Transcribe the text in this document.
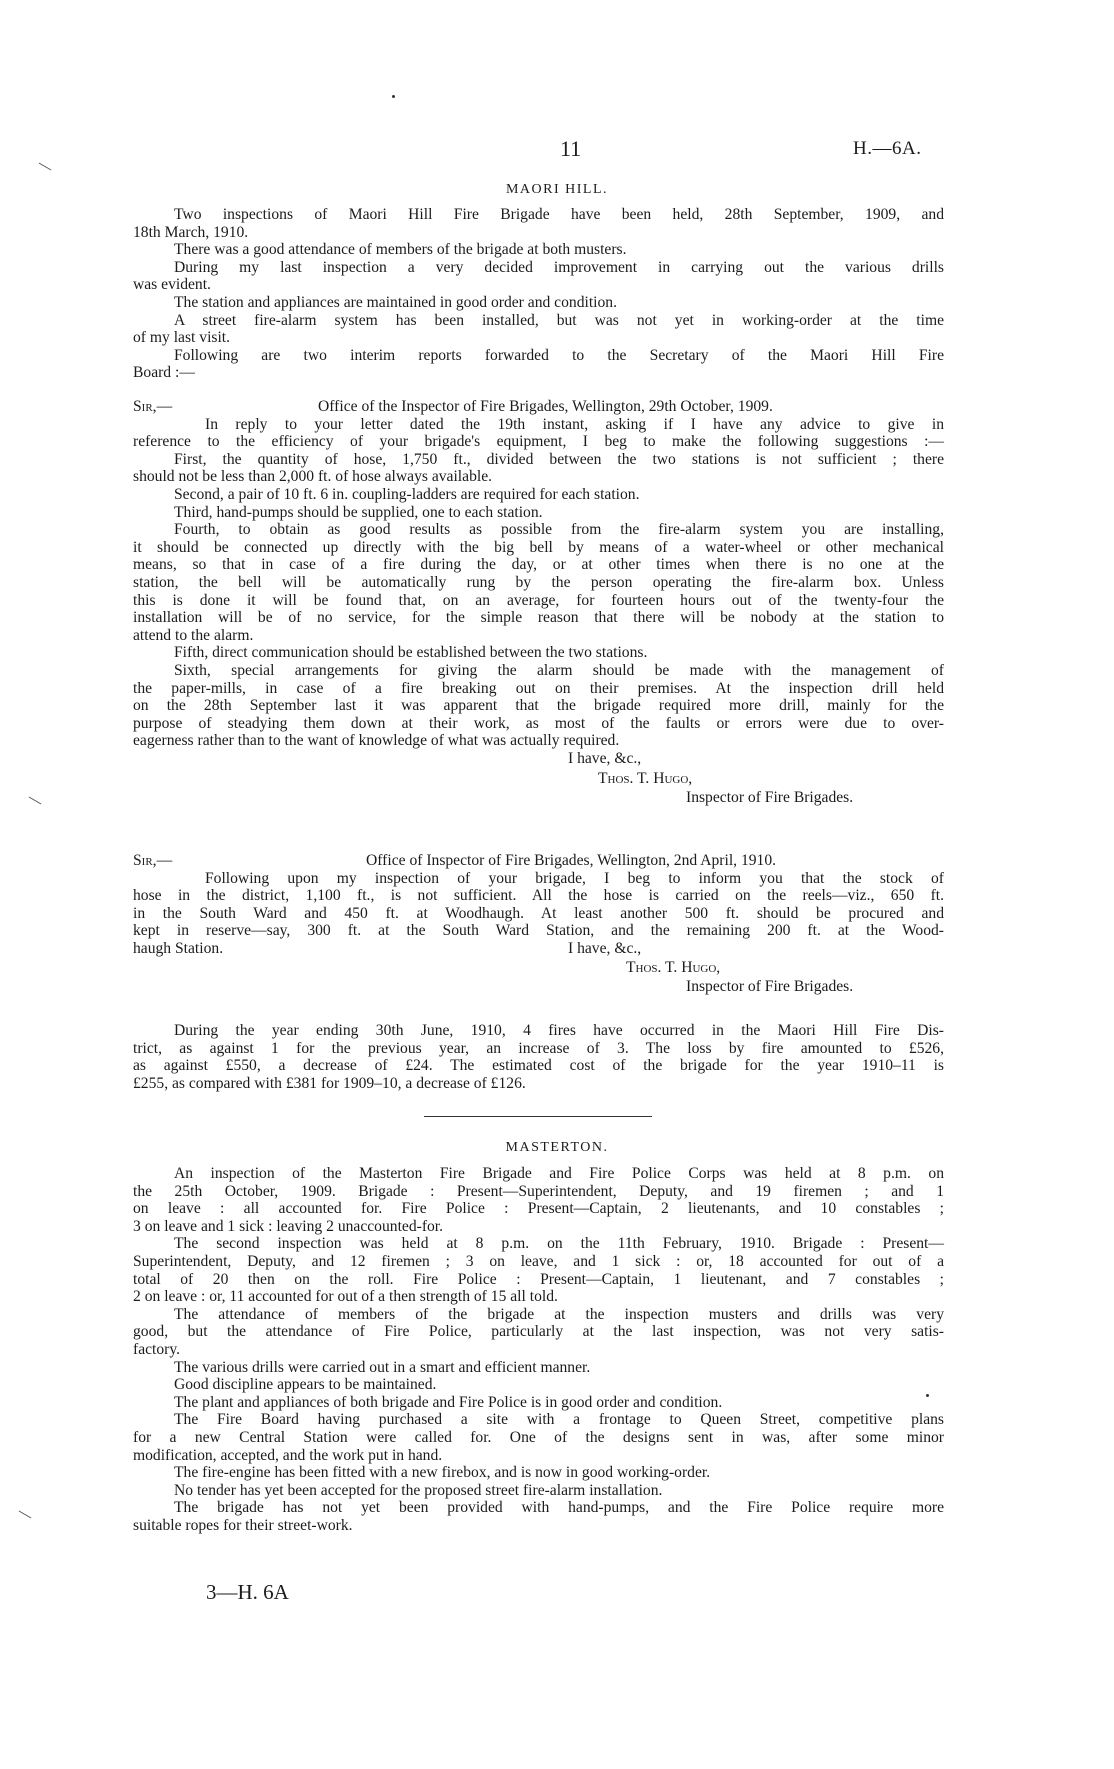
11	H.—6A.
MAORI HILL.
Two inspections of Maori Hill Fire Brigade have been held, 28th September, 1909, and
18th March, 1910.
There was a good attendance of members of the brigade at both musters.
During my last inspection a very decided improvement in carrying out the various drills
was evident.
The station and appliances are maintained in good order and condition.
A street fire-alarm system has been installed, but was not yet in working-order at the time
of my last visit.
Following are two interim reports forwarded to the Secretary of the Maori Hill Fire
Board :—
Sir,—	Office of the Inspector of Fire Brigades, Wellington, 29th October, 1909.
In reply to your letter dated the 19th instant, asking if I have any advice to give in
reference to the efficiency of your brigade's equipment, I beg to make the following suggestions :—
First, the quantity of hose, 1,750 ft., divided between the two stations is not sufficient ; there
should not be less than 2,000 ft. of hose always available.
Second, a pair of 10 ft. 6 in. coupling-ladders are required for each station.
Third, hand-pumps should be supplied, one to each station.
Fourth, to obtain as good results as possible from the fire-alarm system you are installing,
it should be connected up directly with the big bell by means of a water-wheel or other mechanical
means, so that in case of a fire during the day, or at other times when there is no one at the
station, the bell will be automatically rung by the person operating the fire-alarm box. Unless
this is done it will be found that, on an average, for fourteen hours out of the twenty-four the
installation will be of no service, for the simple reason that there will be nobody at the station to
attend to the alarm.
Fifth, direct communication should be established between the two stations.
Sixth, special arrangements for giving the alarm should be made with the management of
the paper-mills, in case of a fire breaking out on their premises. At the inspection drill held
on the 28th September last it was apparent that the brigade required more drill, mainly for the
purpose of steadying them down at their work, as most of the faults or errors were due to over-
eagerness rather than to the want of knowledge of what was actually required.
I have, &c.,
Thos. T. Hugo,
Inspector of Fire Brigades.
Sir,—	Office of Inspector of Fire Brigades, Wellington, 2nd April, 1910.
Following upon my inspection of your brigade, I beg to inform you that the stock of
hose in the district, 1,100 ft., is not sufficient. All the hose is carried on the reels—viz., 650 ft.
in the South Ward and 450 ft. at Woodhaugh. At least another 500 ft. should be procured and
kept in reserve—say, 300 ft. at the South Ward Station, and the remaining 200 ft. at the Wood-
haugh Station.	I have, &c.,
Thos. T. Hugo,
Inspector of Fire Brigades.
During the year ending 30th June, 1910, 4 fires have occurred in the Maori Hill Fire Dis-
trict, as against 1 for the previous year, an increase of 3. The loss by fire amounted to £526,
as against £550, a decrease of £24. The estimated cost of the brigade for the year 1910–11 is
£255, as compared with £381 for 1909–10, a decrease of £126.
MASTERTON.
An inspection of the Masterton Fire Brigade and Fire Police Corps was held at 8 p.m. on
the 25th October, 1909. Brigade : Present—Superintendent, Deputy, and 19 firemen ; and 1
on leave : all accounted for. Fire Police : Present—Captain, 2 lieutenants, and 10 constables ;
3 on leave and 1 sick : leaving 2 unaccounted-for.
The second inspection was held at 8 p.m. on the 11th February, 1910. Brigade : Present—
Superintendent, Deputy, and 12 firemen ; 3 on leave, and 1 sick : or, 18 accounted for out of a
total of 20 then on the roll. Fire Police : Present—Captain, 1 lieutenant, and 7 constables ;
2 on leave : or, 11 accounted for out of a then strength of 15 all told.
The attendance of members of the brigade at the inspection musters and drills was very
good, but the attendance of Fire Police, particularly at the last inspection, was not very satis-
factory.
The various drills were carried out in a smart and efficient manner.
Good discipline appears to be maintained.
The plant and appliances of both brigade and Fire Police is in good order and condition.
The Fire Board having purchased a site with a frontage to Queen Street, competitive plans
for a new Central Station were called for. One of the designs sent in was, after some minor
modification, accepted, and the work put in hand.
The fire-engine has been fitted with a new firebox, and is now in good working-order.
No tender has yet been accepted for the proposed street fire-alarm installation.
The brigade has not yet been provided with hand-pumps, and the Fire Police require more
suitable ropes for their street-work.
3—H. 6A
